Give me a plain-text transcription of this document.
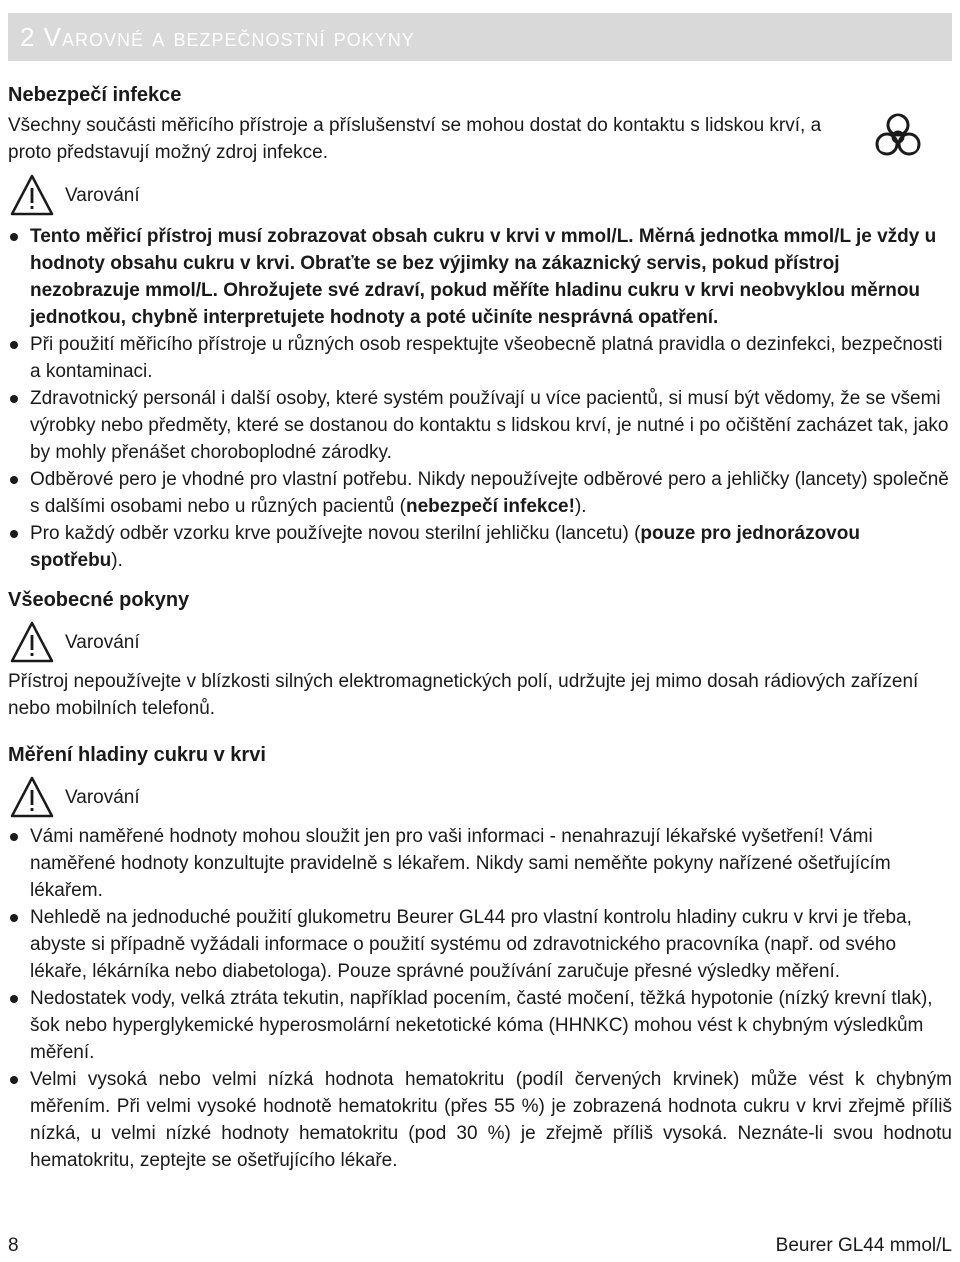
2 Varovné a bezpečnostní pokyny

Nebezpečí infekce

Všechny součásti měřicího přístroje a příslušenství se mohou dostat do kontaktu s lidskou krví, a proto představují možný zdroj infekce.

Varování
Tento měřicí přístroj musí zobrazovat obsah cukru v krvi v mmol/L. Měrná jednotka mmol/L je vždy u hodnoty obsahu cukru v krvi. Obraťte se bez výjimky na zákaznický servis, pokud přístroj nezobrazuje mmol/L. Ohrožujete své zdraví, pokud měříte hladinu cukru v krvi neobvyklou měrnou jednotkou, chybně interpretujete hodnoty a poté učiníte nesprávná opatření.
Při použití měřicího přístroje u různých osob respektujte všeobecně platná pravidla o dezinfekci, bezpečnosti a kontaminaci.
Zdravotnický personál i další osoby, které systém používají u více pacientů, si musí být vědomy, že se všemi výrobky nebo předměty, které se dostanou do kontaktu s lidskou krví, je nutné i po očištění zacházet tak, jako by mohly přenášet choroboplodné zárodky.
Odběrové pero je vhodné pro vlastní potřebu. Nikdy nepoužívejte odběrové pero a jehličky (lancety) společně s dalšími osobami nebo u různých pacientů (nebezpečí infekce!).
Pro každý odběr vzorku krve používejte novou sterilní jehličku (lancetu) (pouze pro jednorázovou spotřebu).

Všeobecné pokyny

Varování

Přístroj nepoužívejte v blízkosti silných elektromagnetických polí, udržujte jej mimo dosah rádiových zařízení nebo mobilních telefonů.

Měření hladiny cukru v krvi

Varování
Vámi naměřené hodnoty mohou sloužit jen pro vaši informaci - nenahrazují lékařské vyšetření! Vámi naměřené hodnoty konzultujte pravidelně s lékařem. Nikdy sami neměňte pokyny nařízené ošetřujícím lékařem.
Nehledě na jednoduché použití glukometru Beurer GL44 pro vlastní kontrolu hladiny cukru v krvi je třeba, abyste si případně vyžádali informace o použití systému od zdravotnického pracovníka (např. od svého lékaře, lékárníka nebo diabetologa). Pouze správné používání zaručuje přesné výsledky měření.
Nedostatek vody, velká ztráta tekutin, například pocením, časté močení, těžká hypotonie (nízký krevní tlak), šok nebo hyperglykemické hyperosmolární neketotické kóma (HHNKC) mohou vést k chybným výsledkům měření.
Velmi vysoká nebo velmi nízká hodnota hematokritu (podíl červených krvinek) může vést k chybným měřením. Při velmi vysoké hodnotě hematokritu (přes 55 %) je zobrazená hodnota cukru v krvi zřejmě příliš nízká, u velmi nízké hodnoty hematokritu (pod 30 %) je zřejmě příliš vysoká. Neznáte-li svou hodnotu hematokritu, zeptejte se ošetřujícího lékaře.
8	Beurer GL44 mmol/L
